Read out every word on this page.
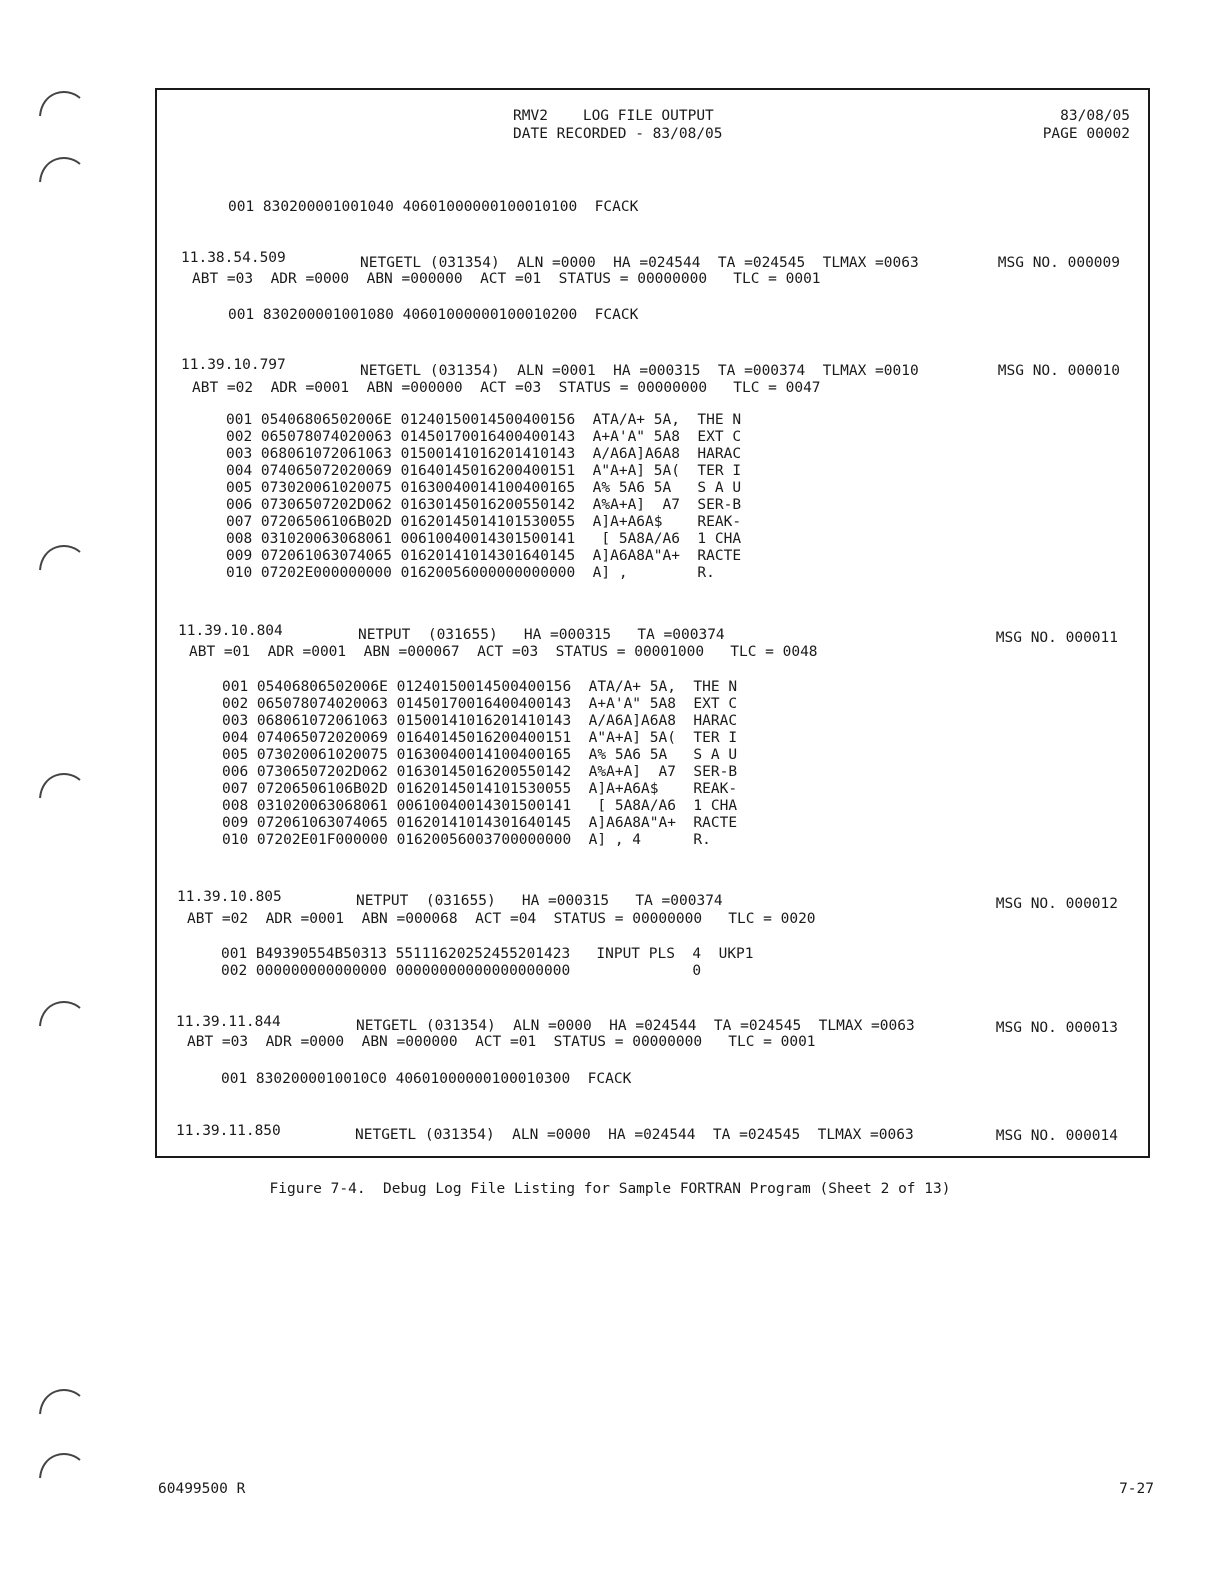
RMV2    LOG FILE OUTPUT
DATE RECORDED - 83/08/05
83/08/05
PAGE 00002
001 830200001001040 40601000000100010100  FCACK
11.38.54.509	NETGETL (031354)  ALN =0000  HA =024544  TA =024545  TLMAX =0063	MSG NO. 000009
ABT =03  ADR =0000  ABN =000000  ACT =01  STATUS = 00000000   TLC = 0001
001 830200001001080 40601000000100010200  FCACK
11.39.10.797	NETGETL (031354)  ALN =0001  HA =000315  TA =000374  TLMAX =0010	MSG NO. 000010
ABT =02  ADR =0001  ABN =000000  ACT =03  STATUS = 00000000   TLC = 0047
001 05406806502006E 01240150014500400156  ATA/A+ 5A,  THE N
002 065078074020063 01450170016400400143  A+A'A" 5A8  EXT C
003 068061072061063 01500141016201410143  A/A6A]A6A8  HARAC
004 074065072020069 01640145016200400151  A"A+A] 5A(  TER I
005 073020061020075 01630040014100400165  A% 5A6 5A   S A U
006 07306507202D062 01630145016200550142  A%A+A]  A7  SER-B
007 07206506106B02D 01620145014101530055  A]A+A6A$    REAK-
008 031020063068061 00610040014301500141   [ 5A8A/A6  1 CHA
009 072061063074065 01620141014301640145  A]A6A8A"A+  RACTE
010 07202E000000000 01620056000000000000  A] ,        R.
11.39.10.804	NETPUT  (031655)   HA =000315   TA =000374	MSG NO. 000011
ABT =01  ADR =0001  ABN =000067  ACT =03  STATUS = 00001000   TLC = 0048
001 05406806502006E 01240150014500400156  ATA/A+ 5A,  THE N
002 065078074020063 01450170016400400143  A+A'A" 5A8  EXT C
003 068061072061063 01500141016201410143  A/A6A]A6A8  HARAC
004 074065072020069 01640145016200400151  A"A+A] 5A(  TER I
005 073020061020075 01630040014100400165  A% 5A6 5A   S A U
006 07306507202D062 01630145016200550142  A%A+A]  A7  SER-B
007 07206506106B02D 01620145014101530055  A]A+A6A$    REAK-
008 031020063068061 00610040014301500141   [ 5A8A/A6  1 CHA
009 072061063074065 01620141014301640145  A]A6A8A"A+  RACTE
010 07202E01F000000 01620056003700000000  A] , 4      R.
11.39.10.805	NETPUT  (031655)   HA =000315   TA =000374	MSG NO. 000012
ABT =02  ADR =0001  ABN =000068  ACT =04  STATUS = 00000000   TLC = 0020
001 B49390554B50313 55111620252455201423   INPUT PLS  4  UKP1
002 000000000000000 00000000000000000000              0
11.39.11.844	NETGETL (031354)  ALN =0000  HA =024544  TA =024545  TLMAX =0063	MSG NO. 000013
ABT =03  ADR =0000  ABN =000000  ACT =01  STATUS = 00000000   TLC = 0001
001 8302000010010C0 40601000000100010300  FCACK
11.39.11.850	NETGETL (031354)  ALN =0000  HA =024544  TA =024545  TLMAX =0063	MSG NO. 000014
Figure 7-4.  Debug Log File Listing for Sample FORTRAN Program (Sheet 2 of 13)
60499500 R	7-27
